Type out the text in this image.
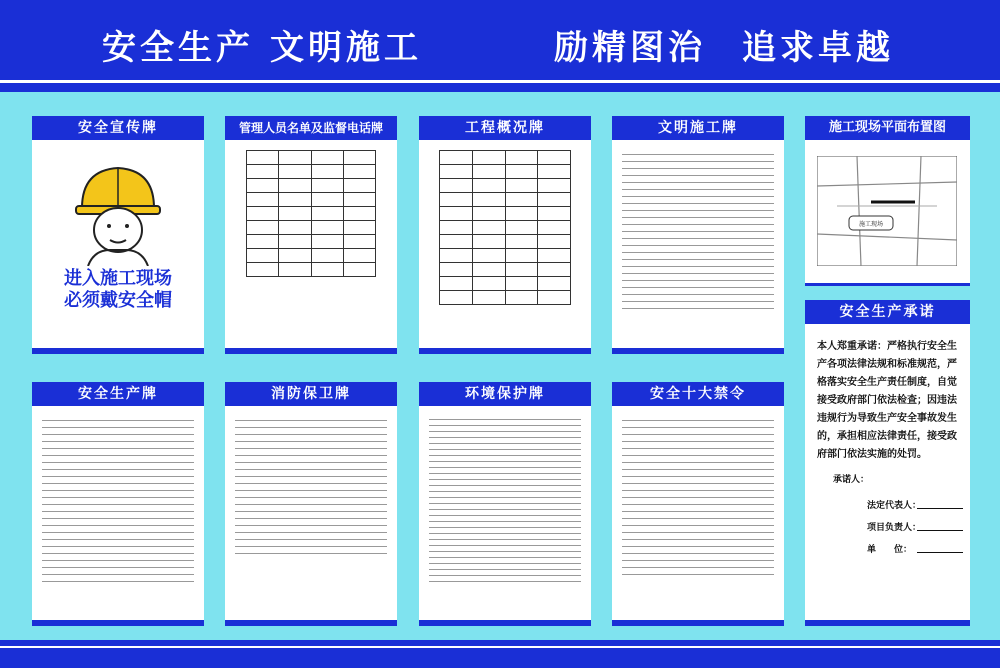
安全生产 文明施工	励精图治 追求卓越
安全宣传牌
进入施工现场
必须戴安全帽
管理人员名单及监督电话牌

				工程概况牌

				文明施工牌	施工现场平面布置图
施工现场
安全生产承诺
本人郑重承诺：严格执行安全生产各项法律法规和标准规范，严格落实安全生产责任制度，自觉接受政府部门依法检查；因违法违规行为导致生产安全事故发生的，承担相应法律责任，接受政府部门依法实施的处罚。
承诺人：
法定代表人：
项目负责人：
单　　位：
安全生产牌	消防保卫牌	环境保护牌	安全十大禁令
